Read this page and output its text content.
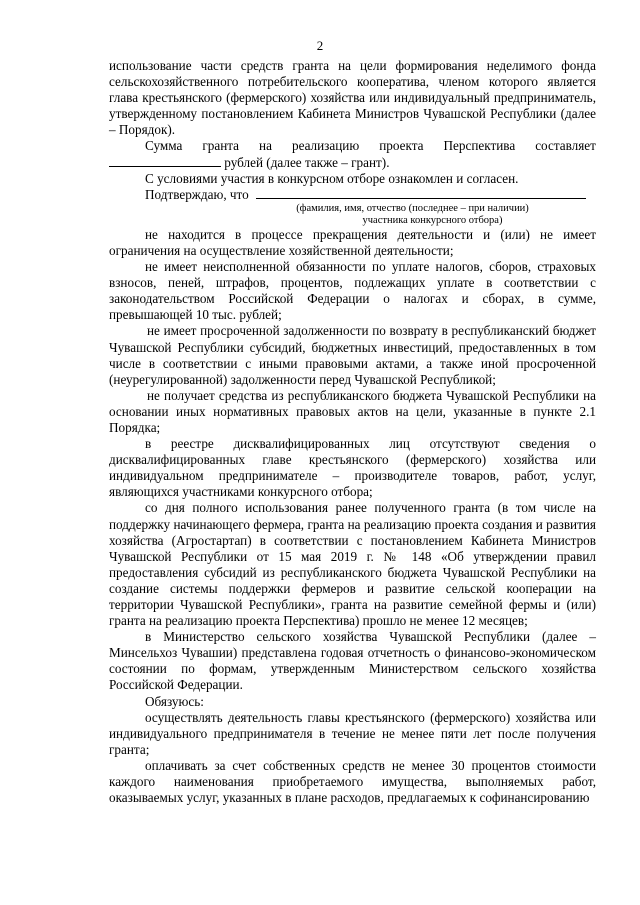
2

использование части средств гранта на цели формирования неделимого фонда сельскохозяйственного потребительского кооператива, членом которого является глава крестьянского (фермерского) хозяйства или индивидуальный предприниматель, утвержденному постановлением Кабинета Министров Чувашской Республики (далее – Порядок).

Сумма гранта на реализацию проекта Перспектива составляет

рублей (далее также – грант).

С условиями участия в конкурсном отборе ознакомлен и согласен.

Подтверждаю, что

(фамилия, имя, отчество (последнее – при наличии)

участника конкурсного отбора)

не находится в процессе прекращения деятельности и (или) не имеет ограничения на осуществление хозяйственной деятельности;

не имеет неисполненной обязанности по уплате налогов, сборов, страховых взносов, пеней, штрафов, процентов, подлежащих уплате в соответствии с законодательством Российской Федерации о налогах и сборах, в сумме, превышающей 10 тыс. рублей;

не имеет просроченной задолженности по возврату в республиканский бюджет Чувашской Республики субсидий, бюджетных инвестиций, предоставленных в том числе в соответствии с иными правовыми актами, а также иной просроченной (неурегулированной) задолженности перед Чувашской Республикой;

не получает средства из республиканского бюджета Чувашской Республики на основании иных нормативных правовых актов на цели, указанные в пункте 2.1 Порядка;

в реестре дисквалифицированных лиц отсутствуют сведения о дисквалифицированных главе крестьянского (фермерского) хозяйства или индивидуальном предпринимателе – производителе товаров, работ, услуг, являющихся участниками конкурсного отбора;

со дня полного использования ранее полученного гранта (в том числе на поддержку начинающего фермера, гранта на реализацию проекта создания и развития хозяйства (Агростартап) в соответствии с постановлением Кабинета Министров Чувашской Республики от 15 мая 2019 г. № 148 «Об утверждении правил предоставления субсидий из республиканского бюджета Чувашской Республики на создание системы поддержки фермеров и развитие сельской кооперации на территории Чувашской Республики», гранта на развитие семейной фермы и (или) гранта на реализацию проекта Перспектива) прошло не менее 12 месяцев;

в Министерство сельского хозяйства Чувашской Республики (далее – Минсельхоз Чувашии) представлена годовая отчетность о финансово-экономическом состоянии по формам, утвержденным Министерством сельского хозяйства Российской Федерации.

Обязуюсь:

осуществлять деятельность главы крестьянского (фермерского) хозяйства или индивидуального предпринимателя в течение не менее пяти лет после получения гранта;

оплачивать за счет собственных средств не менее 30 процентов стоимости каждого наименования приобретаемого имущества, выполняемых работ, оказываемых услуг, указанных в плане расходов, предлагаемых к софинансированию
